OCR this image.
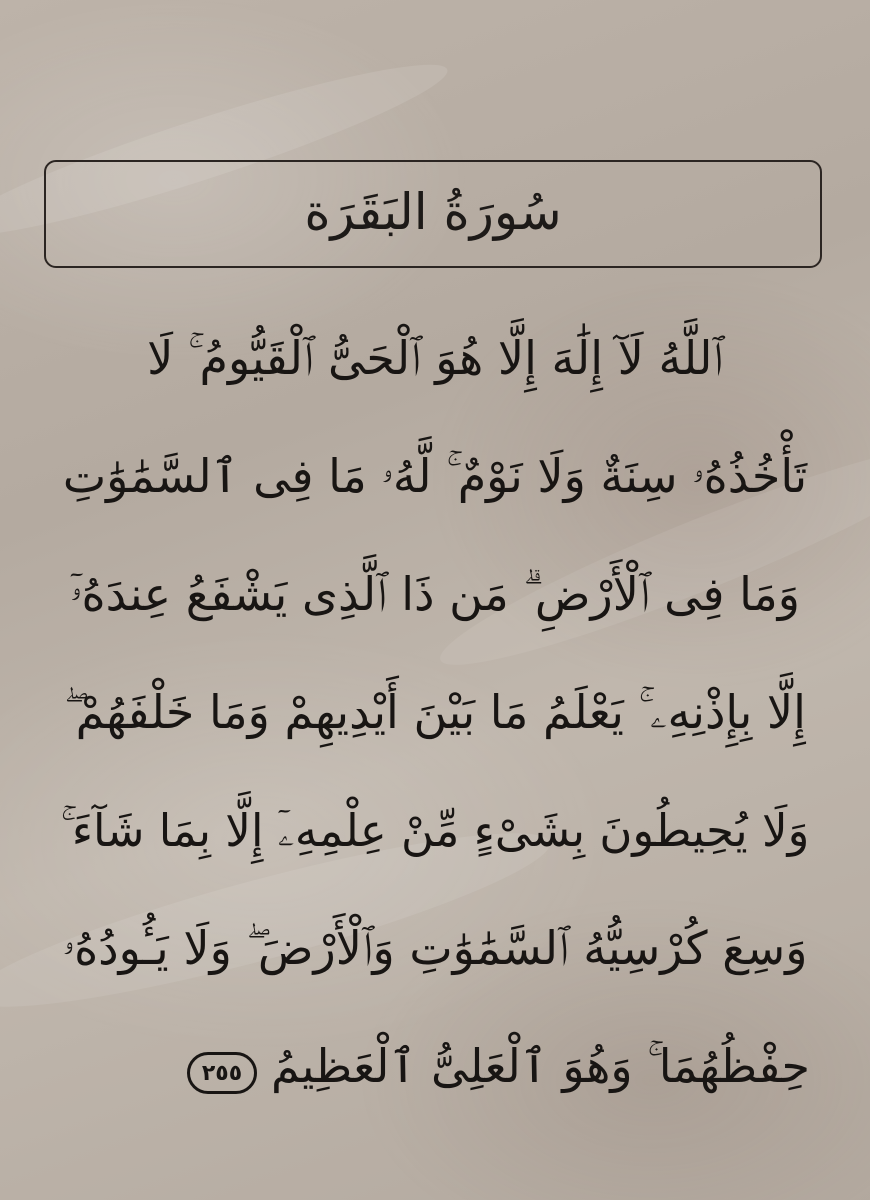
سُورَةُ البَقَرَة
ٱللَّهُ لَآ إِلَٰهَ إِلَّا هُوَ ٱلْحَىُّ ٱلْقَيُّومُ ۚ لَا
تَأْخُذُهُۥ سِنَةٌ وَلَا نَوْمٌ ۚ لَّهُۥ مَا فِى ٱلسَّمَٰوَٰتِ
وَمَا فِى ٱلْأَرْضِ ۗ مَن ذَا ٱلَّذِى يَشْفَعُ عِندَهُۥٓ
إِلَّا بِإِذْنِهِۦ ۚ يَعْلَمُ مَا بَيْنَ أَيْدِيهِمْ وَمَا خَلْفَهُمْ ۖ
وَلَا يُحِيطُونَ بِشَىْءٍ مِّنْ عِلْمِهِۦٓ إِلَّا بِمَا شَآءَ ۚ
وَسِعَ كُرْسِيُّهُ ٱلسَّمَٰوَٰتِ وَٱلْأَرْضَ ۖ وَلَا يَـُٔودُهُۥ
حِفْظُهُمَا ۚ وَهُوَ ٱلْعَلِىُّ ٱلْعَظِيمُ
٢٥٥
